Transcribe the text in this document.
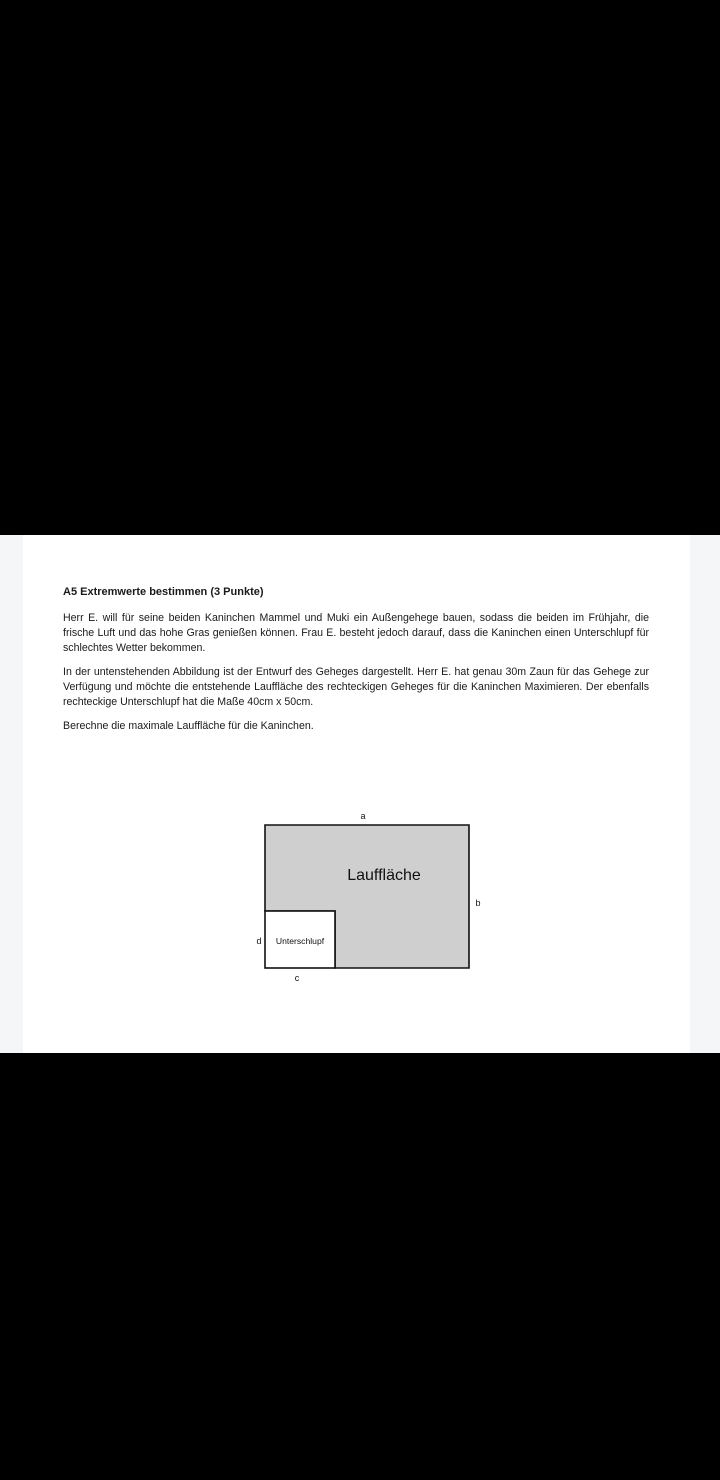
A5 Extremwerte bestimmen (3 Punkte)

Herr E. will für seine beiden Kaninchen Mammel und Muki ein Außengehege bauen, sodass die beiden im Frühjahr, die frische Luft und das hohe Gras genießen können. Frau E. besteht jedoch darauf, dass die Kaninchen einen Unterschlupf für schlechtes Wetter bekommen.

In der untenstehenden Abbildung ist der Entwurf des Geheges dargestellt. Herr E. hat genau 30m Zaun für das Gehege zur Verfügung und möchte die entstehende Lauffläche des rechteckigen Geheges für die Kaninchen Maximieren. Der ebenfalls rechteckige Unterschlupf hat die Maße 40cm x 50cm.

Berechne die maximale Lauffläche für die Kaninchen.

a
b
c
d
Lauffläche
Unterschlupf
